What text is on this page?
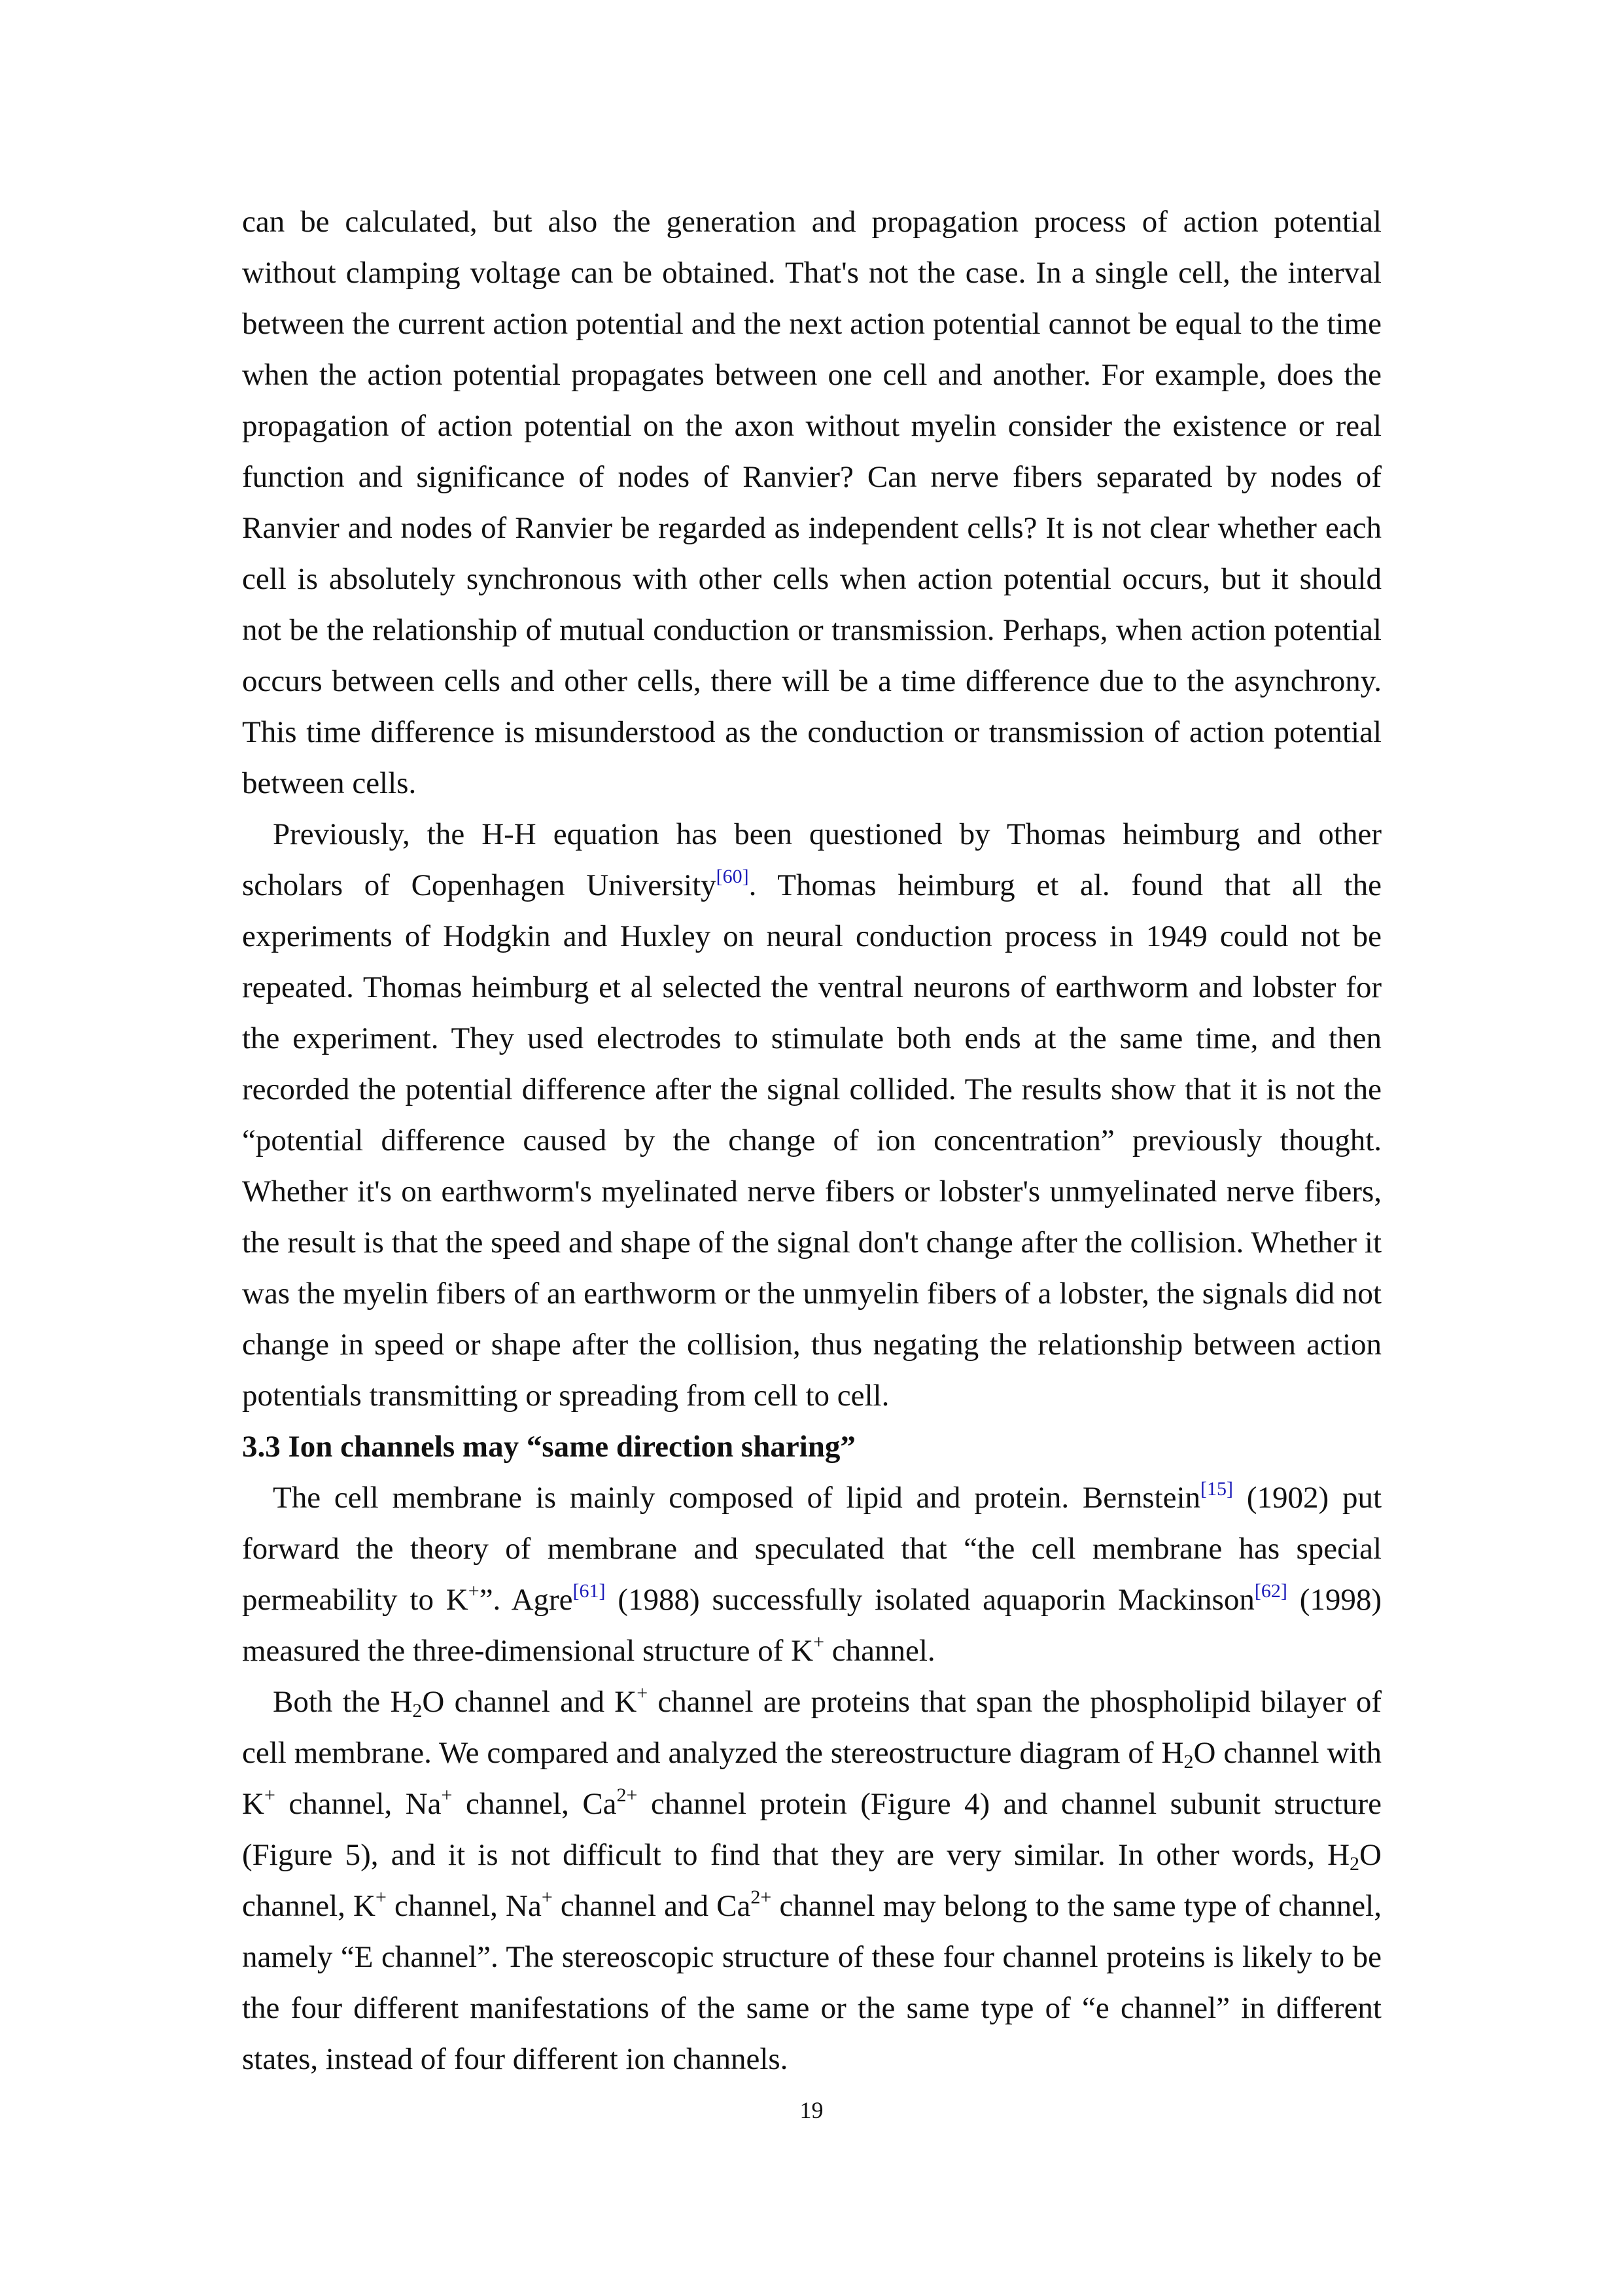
can be calculated, but also the generation and propagation process of action potential without clamping voltage can be obtained. That's not the case. In a single cell, the interval between the current action potential and the next action potential cannot be equal to the time when the action potential propagates between one cell and another. For example, does the propagation of action potential on the axon without myelin consider the existence or real function and significance of nodes of Ranvier? Can nerve fibers separated by nodes of Ranvier and nodes of Ranvier be regarded as independent cells? It is not clear whether each cell is absolutely synchronous with other cells when action potential occurs, but it should not be the relationship of mutual conduction or transmission. Perhaps, when action potential occurs between cells and other cells, there will be a time difference due to the asynchrony. This time difference is misunderstood as the conduction or transmission of action potential between cells.

Previously, the H-H equation has been questioned by Thomas heimburg and other scholars of Copenhagen University[60]. Thomas heimburg et al. found that all the experiments of Hodgkin and Huxley on neural conduction process in 1949 could not be repeated. Thomas heimburg et al selected the ventral neurons of earthworm and lobster for the experiment. They used electrodes to stimulate both ends at the same time, and then recorded the potential difference after the signal collided. The results show that it is not the “potential difference caused by the change of ion concentration” previously thought. Whether it's on earthworm's myelinated nerve fibers or lobster's unmyelinated nerve fibers, the result is that the speed and shape of the signal don't change after the collision. Whether it was the myelin fibers of an earthworm or the unmyelin fibers of a lobster, the signals did not change in speed or shape after the collision, thus negating the relationship between action potentials transmitting or spreading from cell to cell.

3.3 Ion channels may “same direction sharing”

The cell membrane is mainly composed of lipid and protein. Bernstein[15] (1902) put forward the theory of membrane and speculated that “the cell membrane has special permeability to K+”. Agre[61] (1988) successfully isolated aquaporin Mackinson[62] (1998) measured the three-dimensional structure of K+ channel.

Both the $H_2O$ channel and K+ channel are proteins that span the phospholipid bilayer of cell membrane. We compared and analyzed the stereostructure diagram of $H_2O$ channel with K+ channel, Na+ channel, $Ca^{2+}$ channel protein (Figure 4) and channel subunit structure (Figure 5), and it is not difficult to find that they are very similar. In other words, $H_2O$ channel, K+ channel, Na+ channel and $Ca^{2+}$ channel may belong to the same type of channel, namely “E channel”. The stereoscopic structure of these four channel proteins is likely to be the four different manifestations of the same or the same type of “e channel” in different states, instead of four different ion channels.

19
